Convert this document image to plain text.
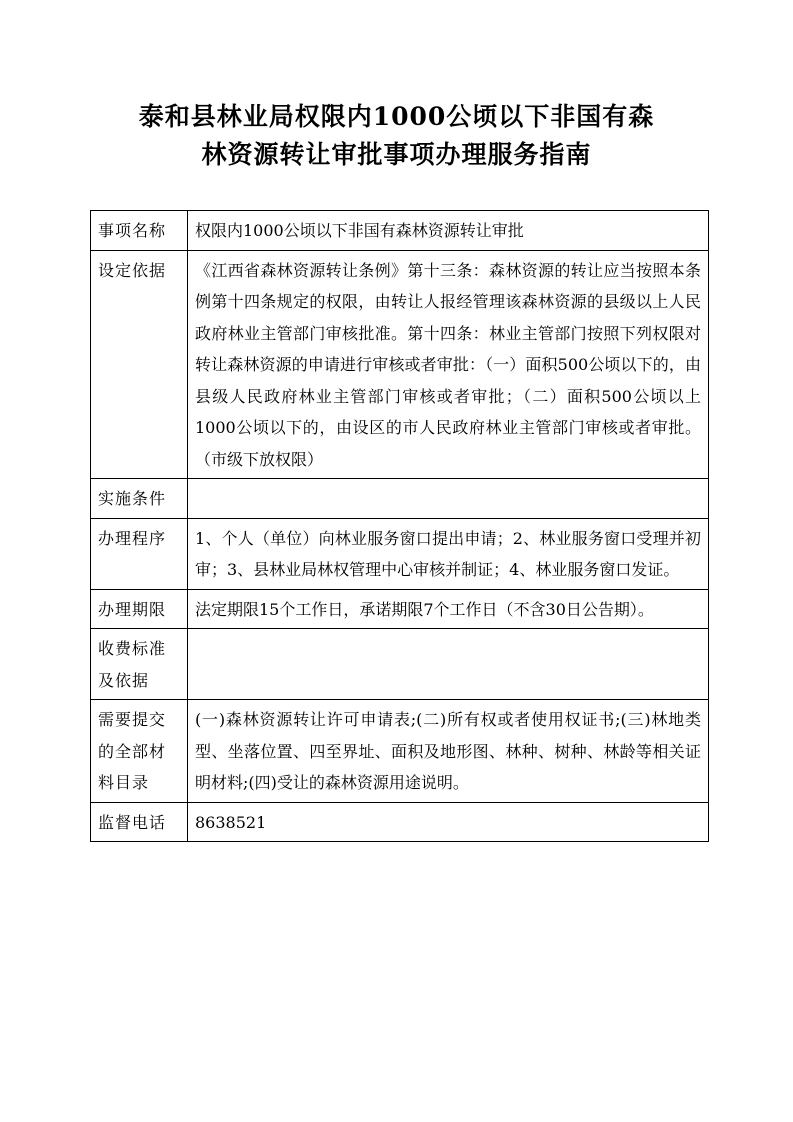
泰和县林业局权限内1000公顷以下非国有森
林资源转让审批事项办理服务指南
事项名称	权限内1000公顷以下非国有森林资源转让审批
设定依据	《江西省森林资源转让条例》第十三条：森林资源的转让应当按照本条例第十四条规定的权限，由转让人报经管理该森林资源的县级以上人民政府林业主管部门审核批准。第十四条：林业主管部门按照下列权限对转让森林资源的申请进行审核或者审批：（一）面积500公顷以下的，由县级人民政府林业主管部门审核或者审批；（二）面积500公顷以上1000公顷以下的，由设区的市人民政府林业主管部门审核或者审批。（市级下放权限）
实施条件	
办理程序	1、个人（单位）向林业服务窗口提出申请；2、林业服务窗口受理并初审；3、县林业局林权管理中心审核并制证；4、林业服务窗口发证。
办理期限	法定期限15个工作日，承诺期限7个工作日（不含30日公告期）。
收费标准及依据	
需要提交的全部材料目录	(一)森林资源转让许可申请表;(二)所有权或者使用权证书;(三)林地类型、坐落位置、四至界址、面积及地形图、林种、树种、林龄等相关证明材料;(四)受让的森林资源用途说明。
监督电话	8638521
